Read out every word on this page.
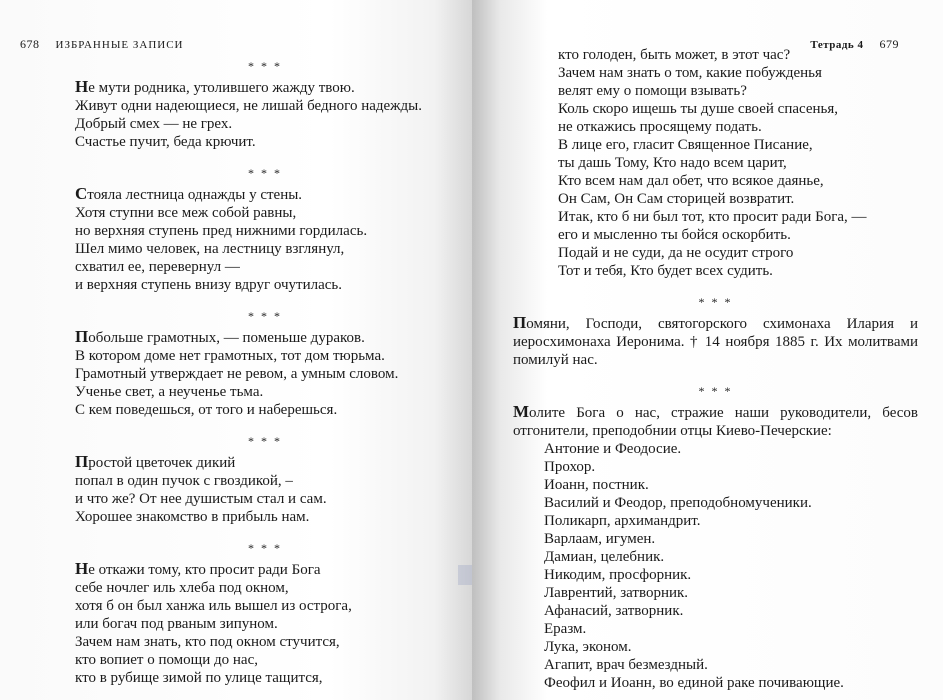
678 ИЗБРАННЫЕ ЗАПИСИ
* * *
Не мути родника, утолившего жажду твою.
Живут одни надеющиеся, не лишай бедного надежды.
Добрый смех — не грех.
Счастье пучит, беда крючит.
* * *
Стояла лестница однажды у стены.
Хотя ступни все меж собой равны,
но верхняя ступень пред нижними гордилась.
Шел мимо человек, на лестницу взглянул,
схватил ее, перевернул —
и верхняя ступень внизу вдруг очутилась.
* * *
Побольше грамотных, — поменьше дураков.
В котором доме нет грамотных, тот дом тюрьма.
Грамотный утверждает не ревом, а умным словом.
Ученье свет, а неученье тьма.
С кем поведешься, от того и наберешься.
* * *
Простой цветочек дикий
попал в один пучок с гвоздикой, –
и что же? От нее душистым стал и сам.
Хорошее знакомство в прибыль нам.
* * *
Не откажи тому, кто просит ради Бога
себе ночлег иль хлеба под окном,
хотя б он был ханжа иль вышел из острога,
или богач под рваным зипуном.
Зачем нам знать, кто под окном стучится,
кто вопиет о помощи до нас,
кто в рубище зимой по улице тащится,
Тетрадь 4 679
кто голоден, быть может, в этот час?
Зачем нам знать о том, какие побужденья
велят ему о помощи взывать?
Коль скоро ищешь ты душе своей спасенья,
не откажись просящему подать.
В лице его, гласит Священное Писание,
ты дашь Тому, Кто надо всем царит,
Кто всем нам дал обет, что всякое даянье,
Он Сам, Он Сам сторицей возвратит.
Итак, кто б ни был тот, кто просит ради Бога, —
его и мысленно ты бойся оскорбить.
Подай и не суди, да не осудит строго
Тот и тебя, Кто будет всех судить.
* * *
Помяни, Господи, святогорского схимонаха Илария и иеросхимонаха Иеронима. † 14 ноября 1885 г. Их молитвами помилуй нас.
* * *
Молите Бога о нас, стражие наши руководители, бесов отгонители, преподобнии отцы Киево-Печерские:
Антоние и Феодосие.
Прохор.
Иоанн, постник.
Василий и Феодор, преподобномученики.
Поликарп, архимандрит.
Варлаам, игумен.
Дамиан, целебник.
Никодим, просфорник.
Лаврентий, затворник.
Афанасий, затворник.
Еразм.
Лука, эконом.
Агапит, врач безмездный.
Феофил и Иоанн, во единой раке почивающие.
